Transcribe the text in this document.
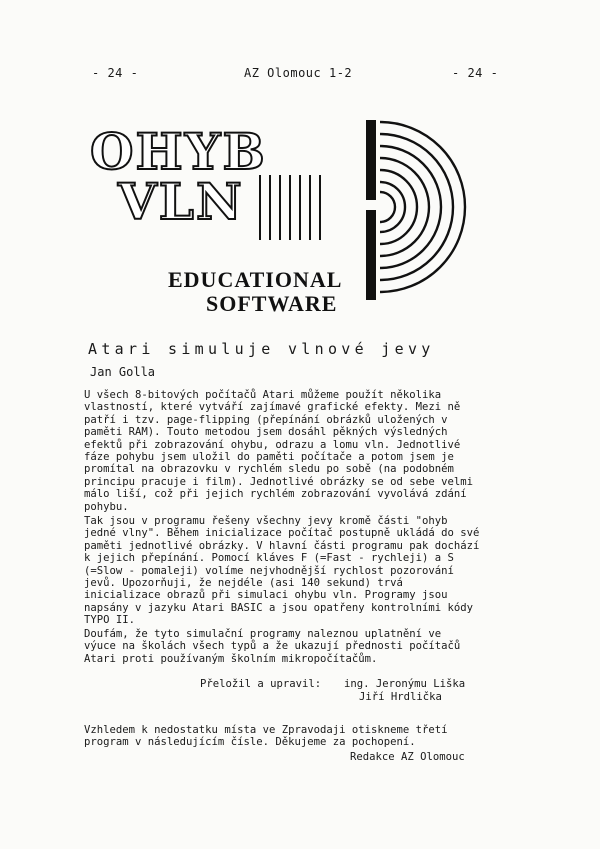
- 24 -	AZ Olomouc 1-2	- 24 -
OHYB
VLN
EDUCATIONAL
SOFTWARE
Atari simuluje vlnové jevy
Jan Golla
U všech 8-bitových počítačů Atari můžeme použít několika
vlastností, které vytváří zajímavé grafické efekty. Mezi ně
patří i tzv. page-flipping (přepínání obrázků uložených v
paměti RAM). Touto metodou jsem dosáhl pěkných výsledných
efektů při zobrazování ohybu, odrazu a lomu vln. Jednotlivé
fáze pohybu jsem uložil do paměti počítače a potom jsem je
promítal na obrazovku v rychlém sledu po sobě (na podobném
principu pracuje i film). Jednotlivé obrázky se od sebe velmi
málo liší, což při jejich rychlém zobrazování vyvolává zdání
pohybu.
Tak jsou v programu řešeny všechny jevy kromě části "ohyb
jedné vlny". Během inicializace počítač postupně ukládá do své
paměti jednotlivé obrázky. V hlavní části programu pak dochází
k jejich přepínání. Pomocí kláves F (=Fast - rychleji) a S
(=Slow - pomaleji) volíme nejvhodnější rychlost pozorování
jevů. Upozorňuji, že nejdéle (asi 140 sekund) trvá
inicializace obrazů při simulaci ohybu vln. Programy jsou
napsány v jazyku Atari BASIC a jsou opatřeny kontrolními kódy
TYPO II.
Doufám, že tyto simulační programy naleznou uplatnění ve
výuce na školách všech typů a že ukazují přednosti počítačů
Atari proti používaným školním mikropočítačům.
Přeložil a upravil: ing. Jeronýmu Liška
Jiří Hrdlička
Vzhledem k nedostatku místa ve Zpravodaji otiskneme třetí
program v následujícím čísle. Děkujeme za pochopení.
Redakce AZ Olomouc
